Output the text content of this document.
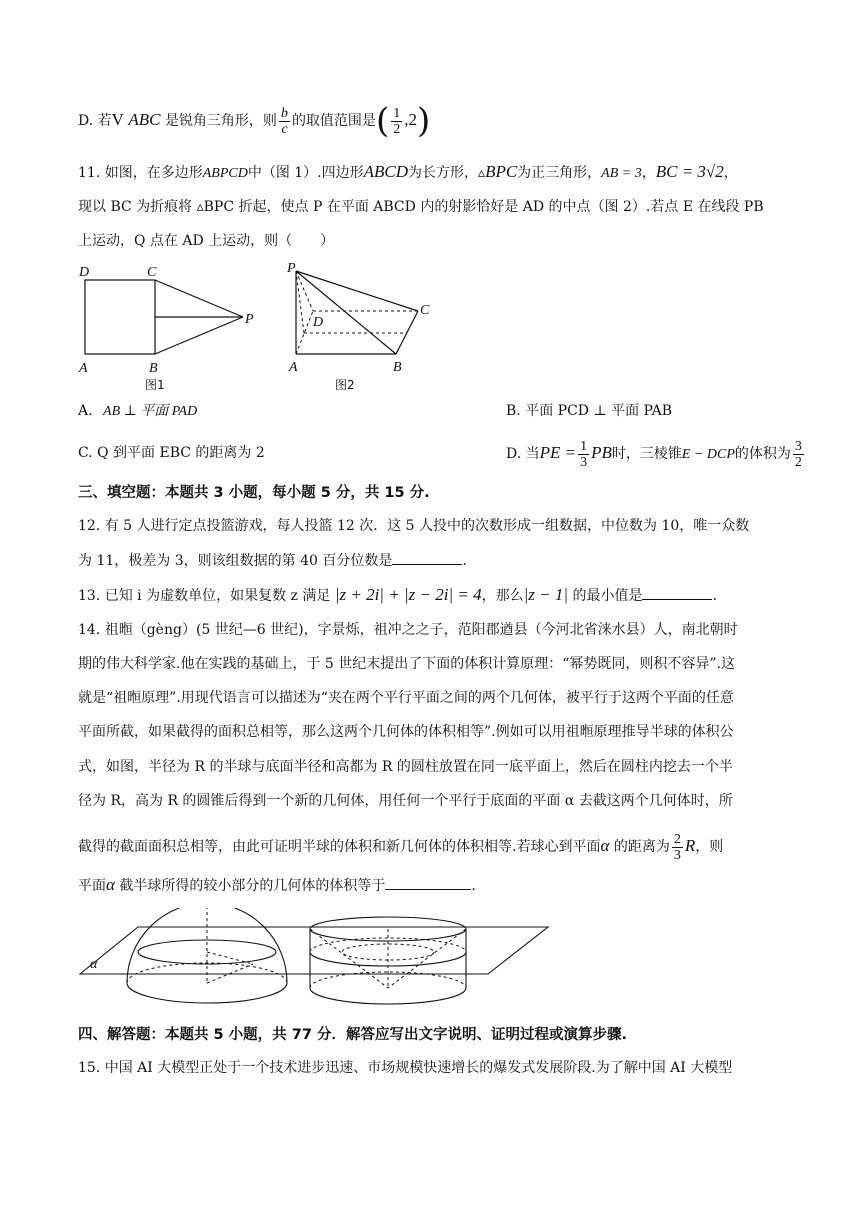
D. 若V ABC 是锐角三角形，则 $\frac{b}{c}$ 的取值范围是( $\frac{1}{2} ,2$)
11. 如图，在多边形ABPCD中（图 1）.四边形ABCD为长方形，▵BPC为正三角形，AB = 3，BC = 3√2，
现以 BC 为折痕将 ▵BPC 折起，使点 P 在平面 ABCD 内的射影恰好是 AD 的中点（图 2）.若点 E 在线段 PB
上运动，Q 点在 AD 上运动，则（　　）
D	C
P
A	B
图1
P
D
C
A	B
图2
A. AB ⊥ 平面 PAD	B. 平面 PCD ⊥ 平面 PAB
C. Q 到平面 EBC 的距离为 2	D. 当PE = $\frac{1}{3}$ PB时，三棱锥E − DCP的体积为 $\frac{3}{2}$
三、填空题：本题共 3 小题，每小题 5 分，共 15 分.
12. 有 5 人进行定点投篮游戏，每人投篮 12 次．这 5 人投中的次数形成一组数据，中位数为 10，唯一众数
为 11，极差为 3，则该组数据的第 40 百分位数是	.
13. 已知 i 为虚数单位，如果复数 z 满足 |z + 2i| + |z − 2i| = 4，那么|z − 1| 的最小值是	.
14. 祖暅（gèng）(5 世纪—6 世纪)，字景烁，祖冲之之子，范阳郡遒县（今河北省涞水县）人，南北朝时
期的伟大科学家.他在实践的基础上，于 5 世纪末提出了下面的体积计算原理：“幂势既同，则积不容异”.这
就是“祖暅原理”.用现代语言可以描述为“夹在两个平行平面之间的两个几何体，被平行于这两个平面的任意
平面所截，如果截得的面积总相等，那么这两个几何体的体积相等”.例如可以用祖暅原理推导半球的体积公
式，如图，半径为 R 的半球与底面半径和高都为 R 的圆柱放置在同一底平面上，然后在圆柱内挖去一个半
径为 R，高为 R 的圆锥后得到一个新的几何体，用任何一个平行于底面的平面 α 去截这两个几何体时，所
截得的截面面积总相等，由此可证明半球的体积和新几何体的体积相等.若球心到平面α 的距离为 $\frac{2}{3}$ R，则
平面α 截半球所得的较小部分的几何体的体积等于	.
α
四、解答题：本题共 5 小题，共 77 分．解答应写出文字说明、证明过程或演算步骤.
15. 中国 AI 大模型正处于一个技术进步迅速、市场规模快速增长的爆发式发展阶段.为了解中国 AI 大模型
